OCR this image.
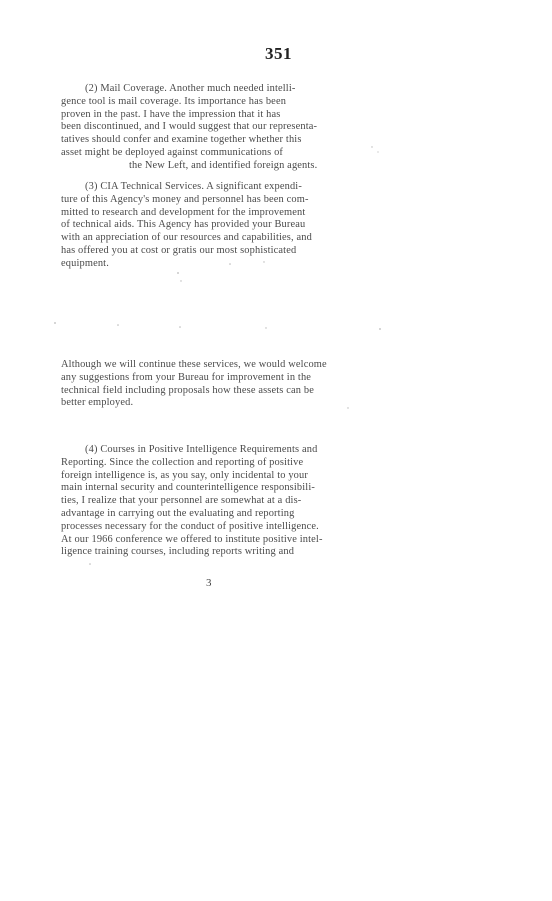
351
(2) Mail Coverage. Another much needed intelli-
gence tool is mail coverage. Its importance has been
proven in the past. I have the impression that it has
been discontinued, and I would suggest that our representa-
tatives should confer and examine together whether this
asset might be deployed against communications of
the New Left, and identified foreign agents.
(3) CIA Technical Services. A significant expendi-
ture of this Agency's money and personnel has been com-
mitted to research and development for the improvement
of technical aids. This Agency has provided your Bureau
with an appreciation of our resources and capabilities, and
has offered you at cost or gratis our most sophisticated
equipment.
Although we will continue these services, we would welcome
any suggestions from your Bureau for improvement in the
technical field including proposals how these assets can be
better employed.
(4) Courses in Positive Intelligence Requirements and
Reporting. Since the collection and reporting of positive
foreign intelligence is, as you say, only incidental to your
main internal security and counterintelligence responsibili-
ties, I realize that your personnel are somewhat at a dis-
advantage in carrying out the evaluating and reporting
processes necessary for the conduct of positive intelligence.
At our 1966 conference we offered to institute positive intel-
ligence training courses, including reports writing and
3
